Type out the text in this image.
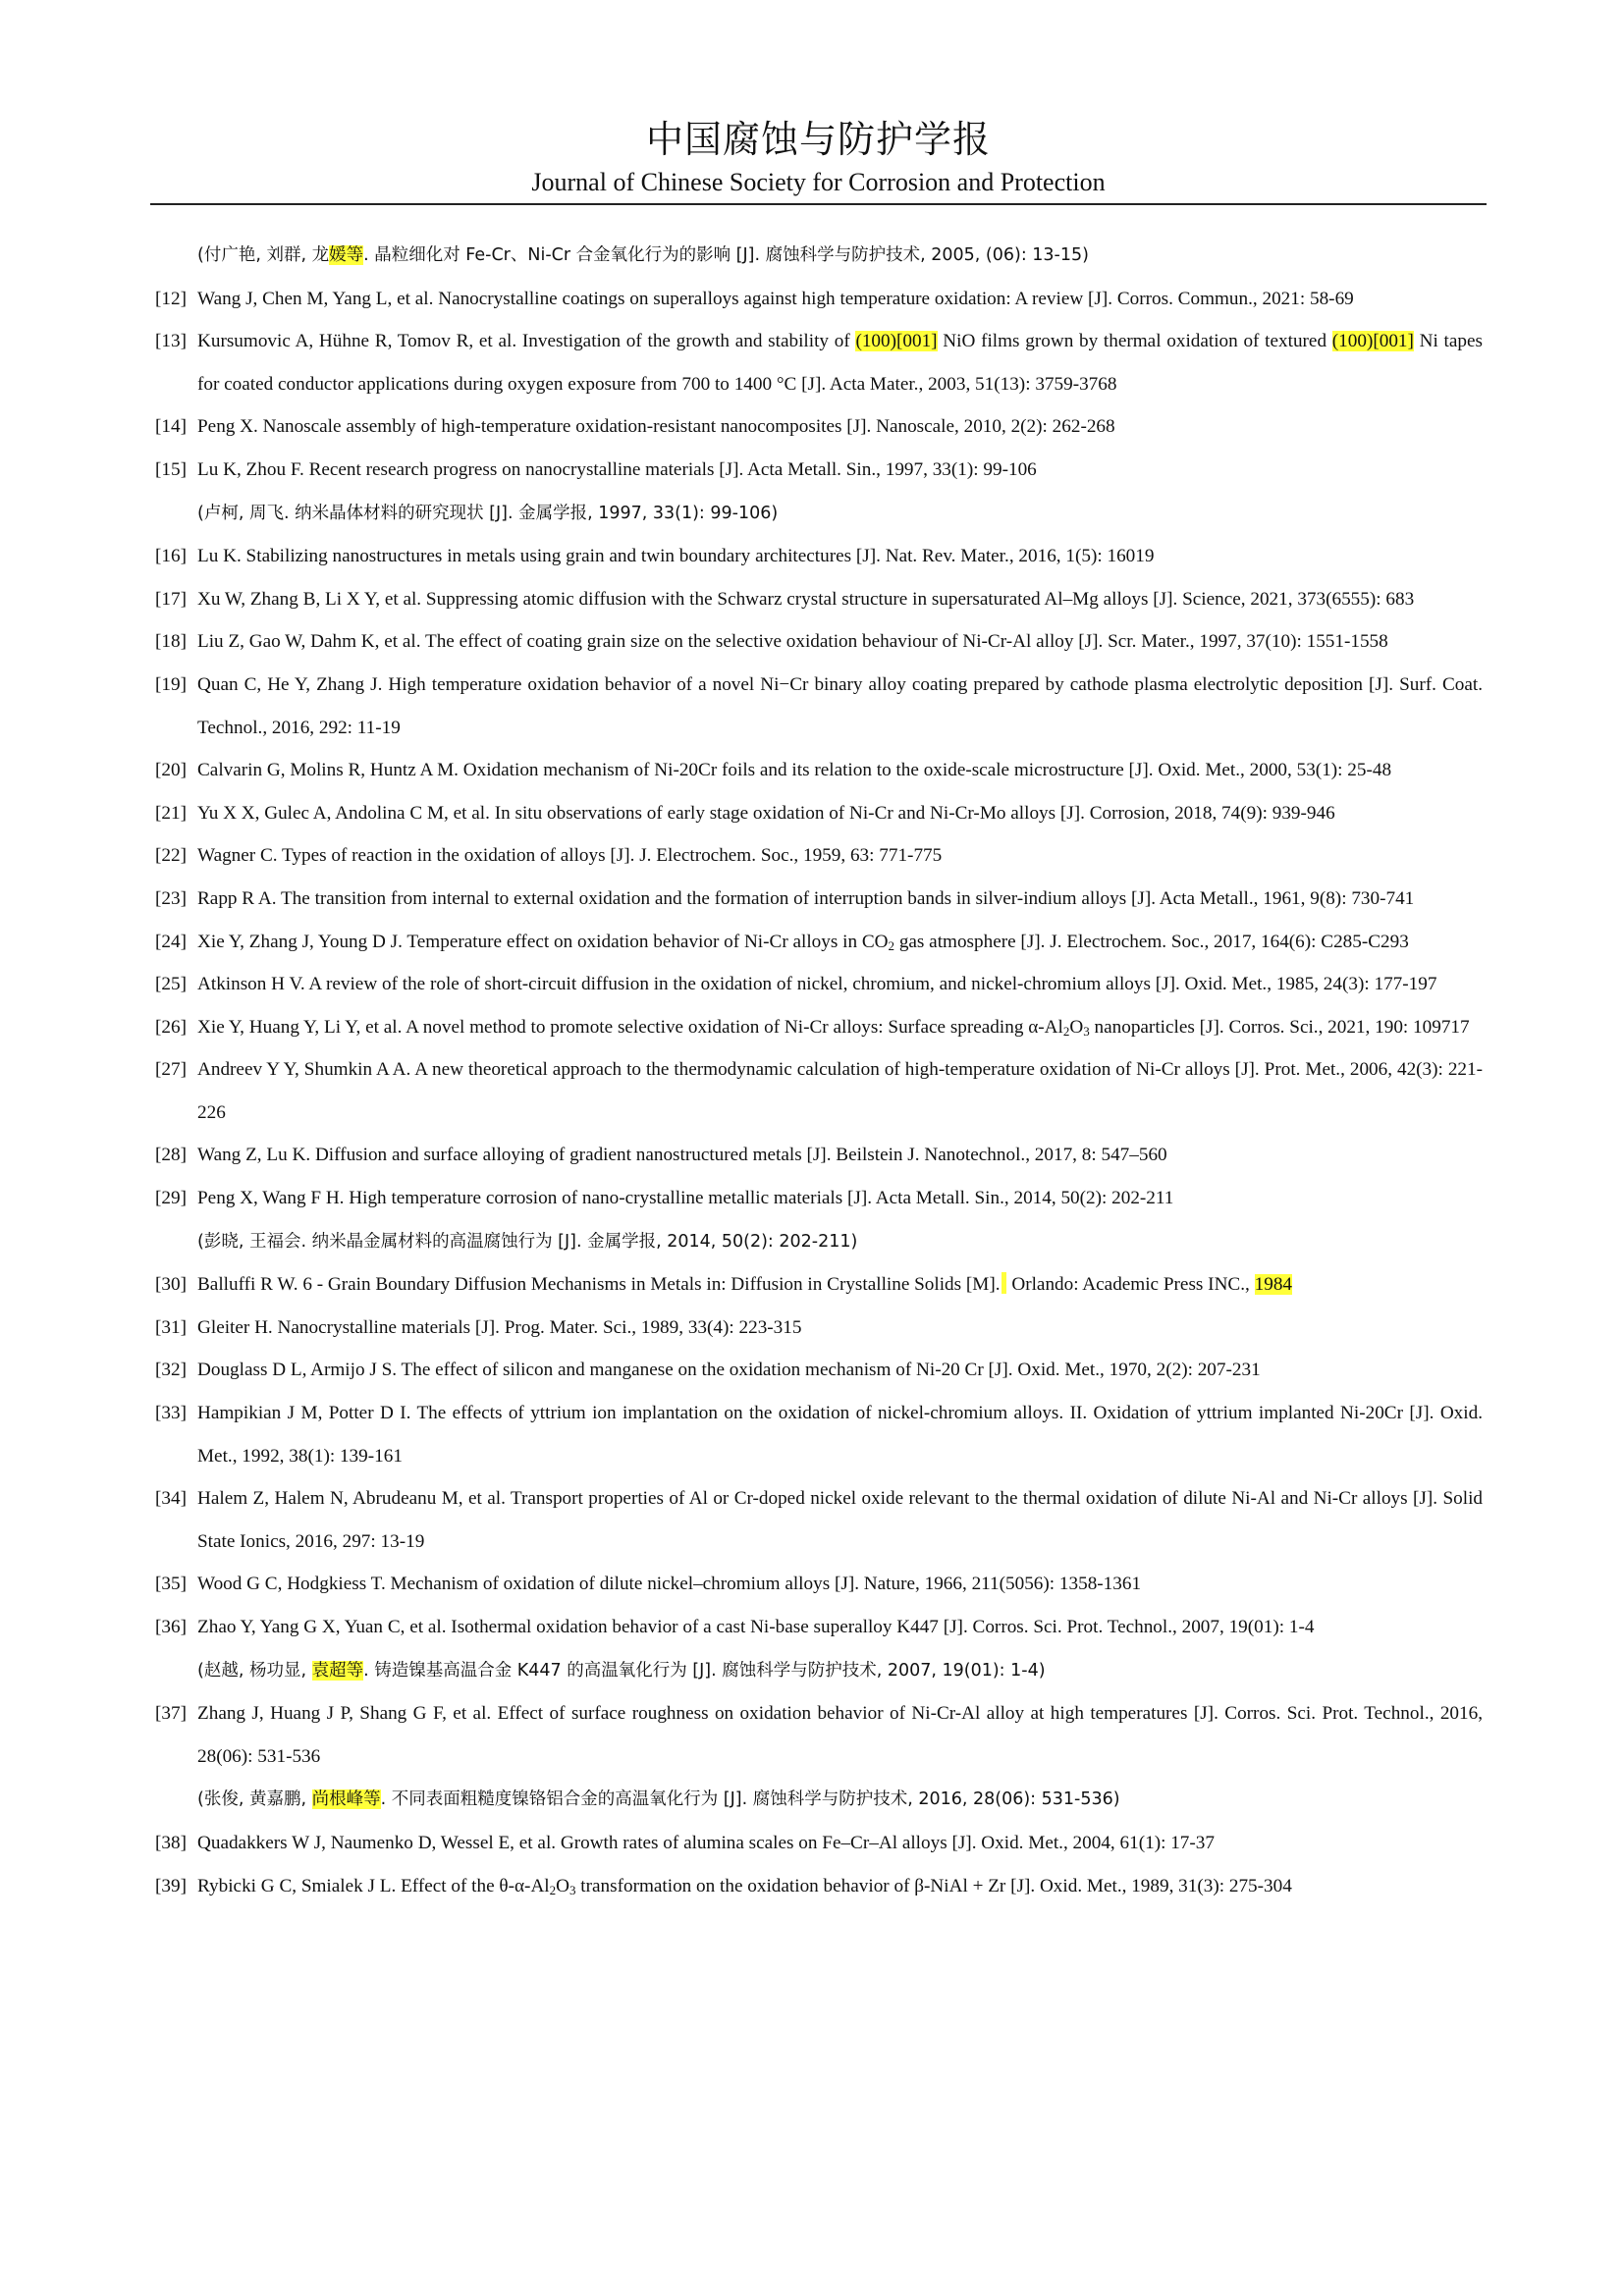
中国腐蚀与防护学报
Journal of Chinese Society for Corrosion and Protection

(付广艳, 刘群, 龙媛等. 晶粒细化对 Fe-Cr、Ni-Cr 合金氧化行为的影响 [J]. 腐蚀科学与防护技术, 2005, (06): 13-15)

[12] Wang J, Chen M, Yang L, et al. Nanocrystalline coatings on superalloys against high temperature oxidation: A review [J]. Corros. Commun., 2021: 58-69

[13] Kursumovic A, Hühne R, Tomov R, et al. Investigation of the growth and stability of (100)[001] NiO films grown by thermal oxidation of textured (100)[001] Ni tapes for coated conductor applications during oxygen exposure from 700 to 1400 °C [J]. Acta Mater., 2003, 51(13): 3759-3768

[14] Peng X. Nanoscale assembly of high-temperature oxidation-resistant nanocomposites [J]. Nanoscale, 2010, 2(2): 262-268

[15] Lu K, Zhou F. Recent research progress on nanocrystalline materials [J]. Acta Metall. Sin., 1997, 33(1): 99-106

(卢柯, 周飞. 纳米晶体材料的研究现状 [J]. 金属学报, 1997, 33(1): 99-106)

[16] Lu K. Stabilizing nanostructures in metals using grain and twin boundary architectures [J]. Nat. Rev. Mater., 2016, 1(5): 16019

[17] Xu W, Zhang B, Li X Y, et al. Suppressing atomic diffusion with the Schwarz crystal structure in supersaturated Al–Mg alloys [J]. Science, 2021, 373(6555): 683

[18] Liu Z, Gao W, Dahm K, et al. The effect of coating grain size on the selective oxidation behaviour of Ni-Cr-Al alloy [J]. Scr. Mater., 1997, 37(10): 1551-1558

[19] Quan C, He Y, Zhang J. High temperature oxidation behavior of a novel Ni−Cr binary alloy coating prepared by cathode plasma electrolytic deposition [J]. Surf. Coat. Technol., 2016, 292: 11-19

[20] Calvarin G, Molins R, Huntz A M. Oxidation mechanism of Ni-20Cr foils and its relation to the oxide-scale microstructure [J]. Oxid. Met., 2000, 53(1): 25-48

[21] Yu X X, Gulec A, Andolina C M, et al. In situ observations of early stage oxidation of Ni-Cr and Ni-Cr-Mo alloys [J]. Corrosion, 2018, 74(9): 939-946

[22] Wagner C. Types of reaction in the oxidation of alloys [J]. J. Electrochem. Soc., 1959, 63: 771-775

[23] Rapp R A. The transition from internal to external oxidation and the formation of interruption bands in silver-indium alloys [J]. Acta Metall., 1961, 9(8): 730-741

[24] Xie Y, Zhang J, Young D J. Temperature effect on oxidation behavior of Ni-Cr alloys in $CO_2$ gas atmosphere [J]. J. Electrochem. Soc., 2017, 164(6): C285-C293

[25] Atkinson H V. A review of the role of short-circuit diffusion in the oxidation of nickel, chromium, and nickel-chromium alloys [J]. Oxid. Met., 1985, 24(3): 177-197

[26] Xie Y, Huang Y, Li Y, et al. A novel method to promote selective oxidation of Ni-Cr alloys: Surface spreading $\alpha-Al_2O_3$ nanoparticles [J]. Corros. Sci., 2021, 190: 109717

[27] Andreev Y Y, Shumkin A A. A new theoretical approach to the thermodynamic calculation of high-temperature oxidation of Ni-Cr alloys [J]. Prot. Met., 2006, 42(3): 221-226

[28] Wang Z, Lu K. Diffusion and surface alloying of gradient nanostructured metals [J]. Beilstein J. Nanotechnol., 2017, 8: 547–560

[29] Peng X, Wang F H. High temperature corrosion of nano-crystalline metallic materials [J]. Acta Metall. Sin., 2014, 50(2): 202-211

(彭晓, 王福会. 纳米晶金属材料的高温腐蚀行为 [J]. 金属学报, 2014, 50(2): 202-211)

[30] Balluffi R W. 6 - Grain Boundary Diffusion Mechanisms in Metals in: Diffusion in Crystalline Solids [M]. Orlando: Academic Press INC., 1984

[31] Gleiter H. Nanocrystalline materials [J]. Prog. Mater. Sci., 1989, 33(4): 223-315

[32] Douglass D L, Armijo J S. The effect of silicon and manganese on the oxidation mechanism of Ni-20 Cr [J]. Oxid. Met., 1970, 2(2): 207-231

[33] Hampikian J M, Potter D I. The effects of yttrium ion implantation on the oxidation of nickel-chromium alloys. II. Oxidation of yttrium implanted Ni-20Cr [J]. Oxid. Met., 1992, 38(1): 139-161

[34] Halem Z, Halem N, Abrudeanu M, et al. Transport properties of Al or Cr-doped nickel oxide relevant to the thermal oxidation of dilute Ni-Al and Ni-Cr alloys [J]. Solid State Ionics, 2016, 297: 13-19

[35] Wood G C, Hodgkiess T. Mechanism of oxidation of dilute nickel–chromium alloys [J]. Nature, 1966, 211(5056): 1358-1361

[36] Zhao Y, Yang G X, Yuan C, et al. Isothermal oxidation behavior of a cast Ni-base superalloy K447 [J]. Corros. Sci. Prot. Technol., 2007, 19(01): 1-4

(赵越, 杨功显, 袁超等. 铸造镍基高温合金 K447 的高温氧化行为 [J]. 腐蚀科学与防护技术, 2007, 19(01): 1-4)

[37] Zhang J, Huang J P, Shang G F, et al. Effect of surface roughness on oxidation behavior of Ni-Cr-Al alloy at high temperatures [J]. Corros. Sci. Prot. Technol., 2016, 28(06): 531-536

(张俊, 黄嘉鹏, 尚根峰等. 不同表面粗糙度镍铬铝合金的高温氧化行为 [J]. 腐蚀科学与防护技术, 2016, 28(06): 531-536)

[38] Quadakkers W J, Naumenko D, Wessel E, et al. Growth rates of alumina scales on Fe–Cr–Al alloys [J]. Oxid. Met., 2004, 61(1): 17-37

[39] Rybicki G C, Smialek J L. Effect of the $\theta-\alpha-Al_2O_3$ transformation on the oxidation behavior of β-NiAl + Zr [J]. Oxid. Met., 1989, 31(3): 275-304
